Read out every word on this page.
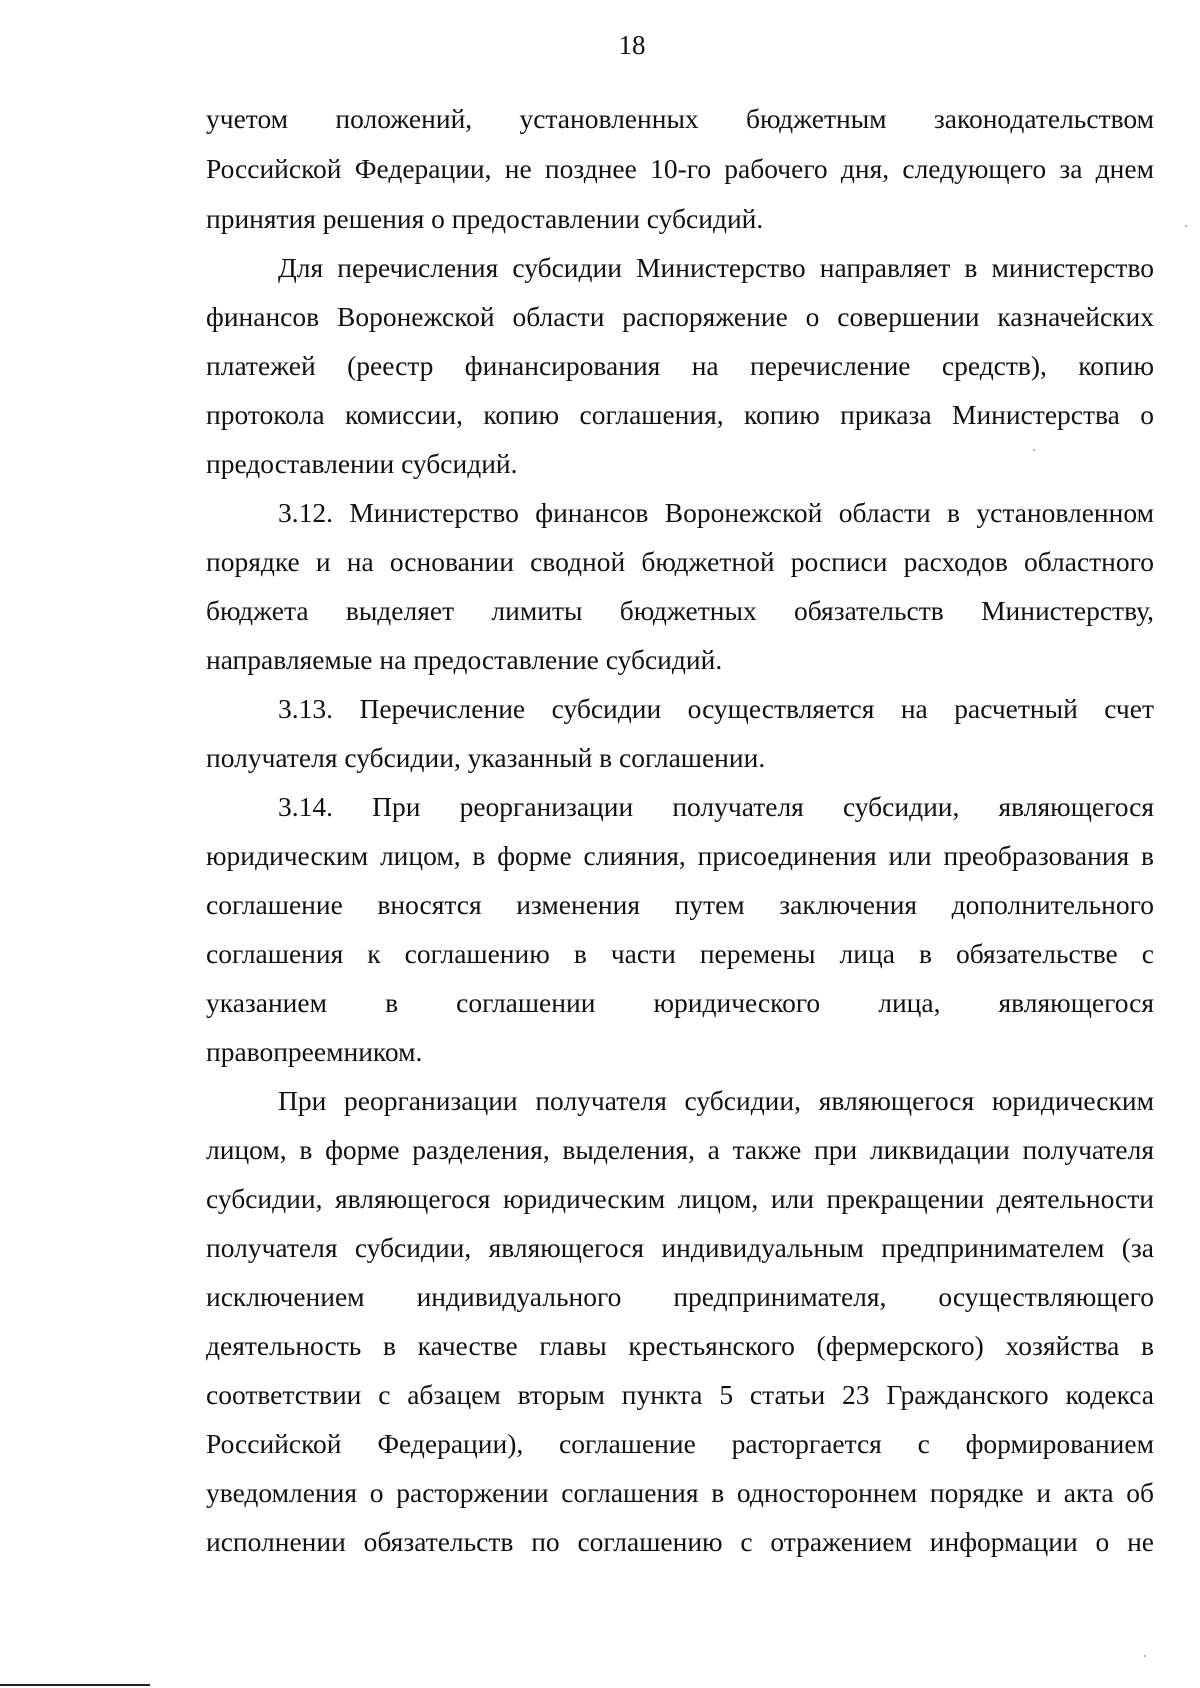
18
учетом положений, установленных бюджетным законодательством
Российской Федерации, не позднее 10-го рабочего дня, следующего за днем
принятия решения о предоставлении субсидий.
Для перечисления субсидии Министерство направляет в министерство
финансов Воронежской области распоряжение о совершении казначейских
платежей (реестр финансирования на перечисление средств), копию
протокола комиссии, копию соглашения, копию приказа Министерства о
предоставлении субсидий.
3.12. Министерство финансов Воронежской области в установленном
порядке и на основании сводной бюджетной росписи расходов областного
бюджета выделяет лимиты бюджетных обязательств Министерству,
направляемые на предоставление субсидий.
3.13. Перечисление субсидии осуществляется на расчетный счет
получателя субсидии, указанный в соглашении.
3.14. При реорганизации получателя субсидии, являющегося
юридическим лицом, в форме слияния, присоединения или преобразования в
соглашение вносятся изменения путем заключения дополнительного
соглашения к соглашению в части перемены лица в обязательстве с
указанием в соглашении юридического лица, являющегося
правопреемником.
При реорганизации получателя субсидии, являющегося юридическим
лицом, в форме разделения, выделения, а также при ликвидации получателя
субсидии, являющегося юридическим лицом, или прекращении деятельности
получателя субсидии, являющегося индивидуальным предпринимателем (за
исключением индивидуального предпринимателя, осуществляющего
деятельность в качестве главы крестьянского (фермерского) хозяйства в
соответствии с абзацем вторым пункта 5 статьи 23 Гражданского кодекса
Российской Федерации), соглашение расторгается с формированием
уведомления о расторжении соглашения в одностороннем порядке и акта об
исполнении обязательств по соглашению с отражением информации о не
